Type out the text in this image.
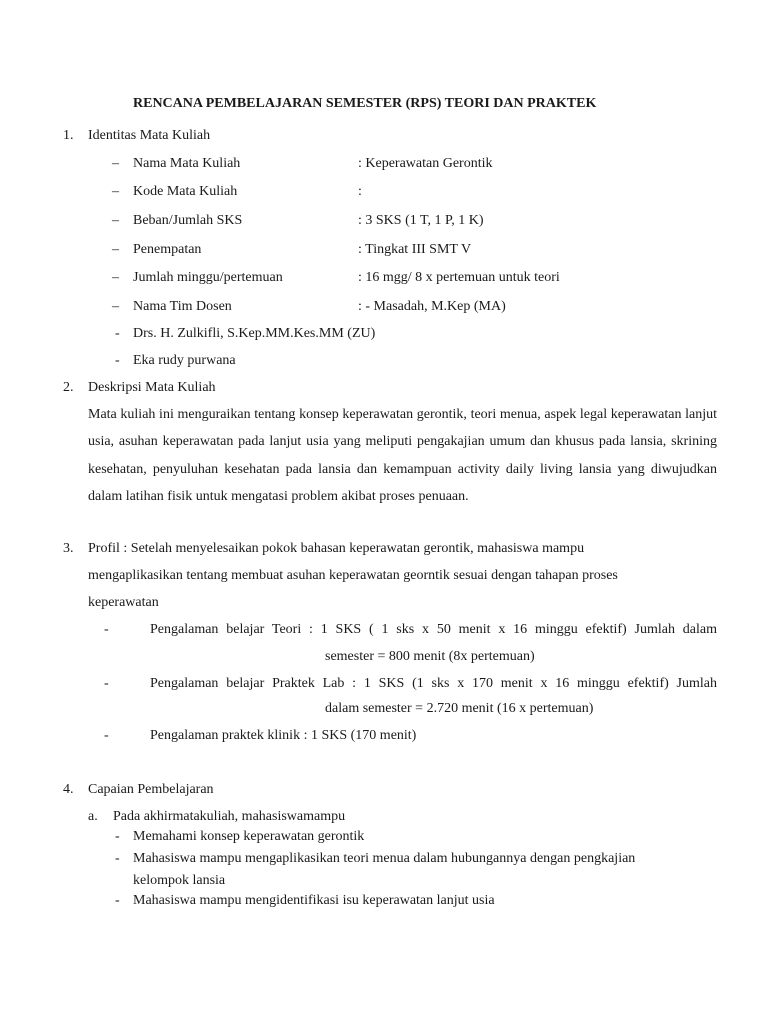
RENCANA PEMBELAJARAN SEMESTER (RPS) TEORI DAN PRAKTEK
1. Identitas Mata Kuliah
– Nama Mata Kuliah	: Keperawatan Gerontik
– Kode Mata Kuliah	:
– Beban/Jumlah SKS	: 3 SKS (1 T, 1 P, 1 K)
– Penempatan	: Tingkat III SMT V
– Jumlah minggu/pertemuan	: 16 mgg/ 8 x pertemuan untuk teori
– Nama Tim Dosen	: - Masadah, M.Kep (MA)
- Drs. H. Zulkifli, S.Kep.MM.Kes.MM (ZU)
- Eka rudy purwana
2. Deskripsi Mata Kuliah
Mata kuliah ini menguraikan tentang konsep keperawatan gerontik, teori menua, aspek legal keperawatan lanjut usia, asuhan keperawatan pada lanjut usia yang meliputi pengakajian umum dan khusus pada lansia, skrining kesehatan, penyuluhan kesehatan pada lansia dan kemampuan activity daily living lansia yang diwujudkan dalam latihan fisik untuk mengatasi problem akibat proses penuaan.
3. Profil : Setelah menyelesaikan pokok bahasan keperawatan gerontik, mahasiswa mampu
mengaplikasikan tentang membuat asuhan keperawatan georntik sesuai dengan tahapan proses
keperawatan
-	Pengalaman belajar Teori : 1 SKS ( 1 sks x 50 menit x 16 minggu efektif) Jumlah dalam
semester = 800 menit (8x pertemuan)
-	Pengalaman belajar Praktek Lab : 1 SKS (1 sks x 170 menit x 16 minggu efektif) Jumlah
dalam semester = 2.720 menit (16 x pertemuan)
-	Pengalaman praktek klinik : 1 SKS (170 menit)
4. Capaian Pembelajaran
a. Pada akhirmatakuliah, mahasiswamampu
- Memahami konsep keperawatan gerontik
- Mahasiswa mampu mengaplikasikan teori menua dalam hubungannya dengan pengkajian
kelompok lansia
- Mahasiswa mampu mengidentifikasi isu keperawatan lanjut usia
